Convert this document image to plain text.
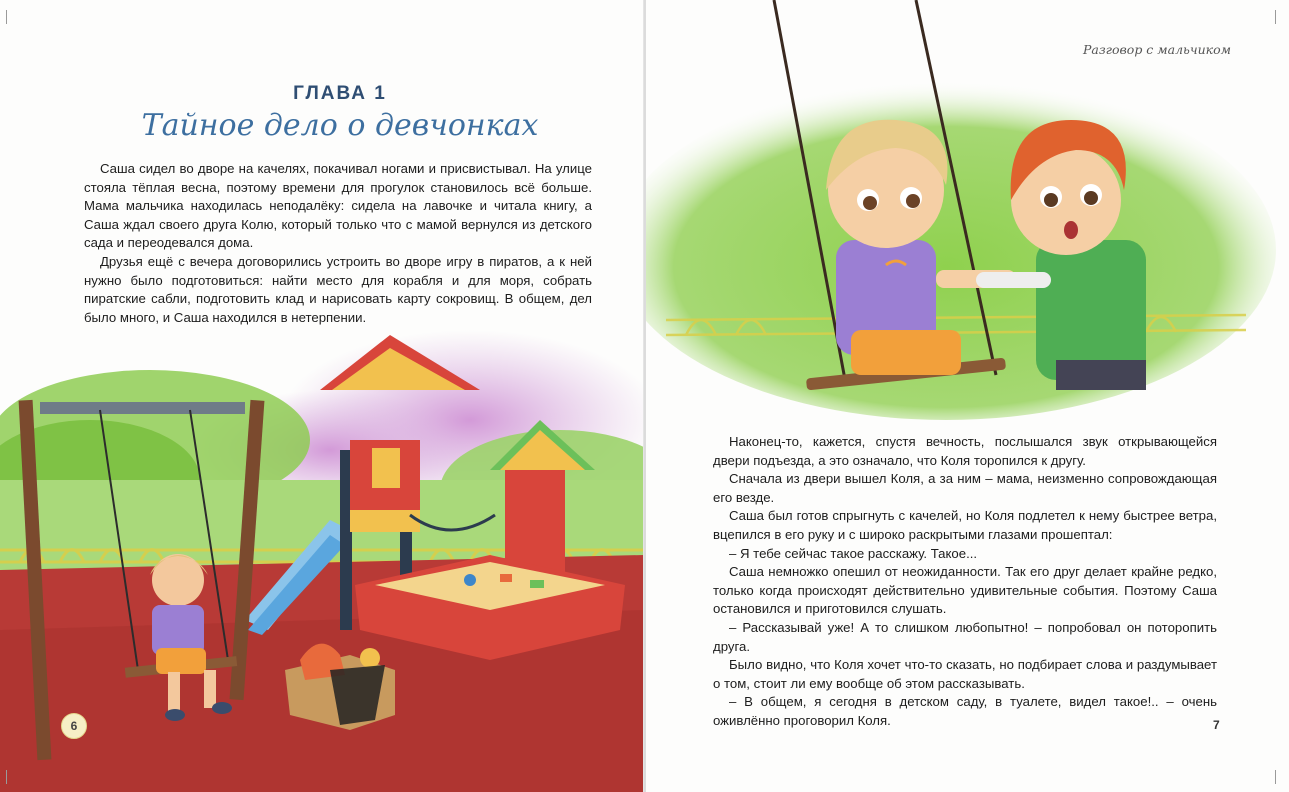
ГЛАВА 1
Тайное дело о девчонках

Саша сидел во дворе на качелях, покачивал ногами и присвистывал. На улице стояла тёплая весна, поэтому времени для прогулок становилось всё больше. Мама мальчика находилась неподалёку: сидела на лавочке и читала книгу, а Саша ждал своего друга Колю, который только что с мамой вернулся из детского сада и переодевался дома.

Друзья ещё с вечера договорились устроить во дворе игру в пиратов, а к ней нужно было подготовиться: найти место для корабля и для моря, собрать пиратские сабли, подготовить клад и нарисовать карту сокровищ. В общем, дел было много, и Саша находился в нетерпении.

6
Разговор с мальчиком

Наконец-то, кажется, спустя вечность, послышался звук открывающейся двери подъезда, а это означало, что Коля торопился к другу.

Сначала из двери вышел Коля, а за ним – мама, неизменно сопровождающая его везде.

Саша был готов спрыгнуть с качелей, но Коля подлетел к нему быстрее ветра, вцепился в его руку и с широко раскрытыми глазами прошептал:

– Я тебе сейчас такое расскажу. Такое...

Саша немножко опешил от неожиданности. Так его друг делает крайне редко, только когда происходят действительно удивительные события. Поэтому Саша остановился и приготовился слушать.

– Рассказывай уже! А то слишком любопытно! – попробовал он поторопить друга.

Было видно, что Коля хочет что-то сказать, но подбирает слова и раздумывает о том, стоит ли ему вообще об этом рассказывать.

– В общем, я сегодня в детском саду, в туалете, видел такое!.. – очень оживлённо проговорил Коля.	7
